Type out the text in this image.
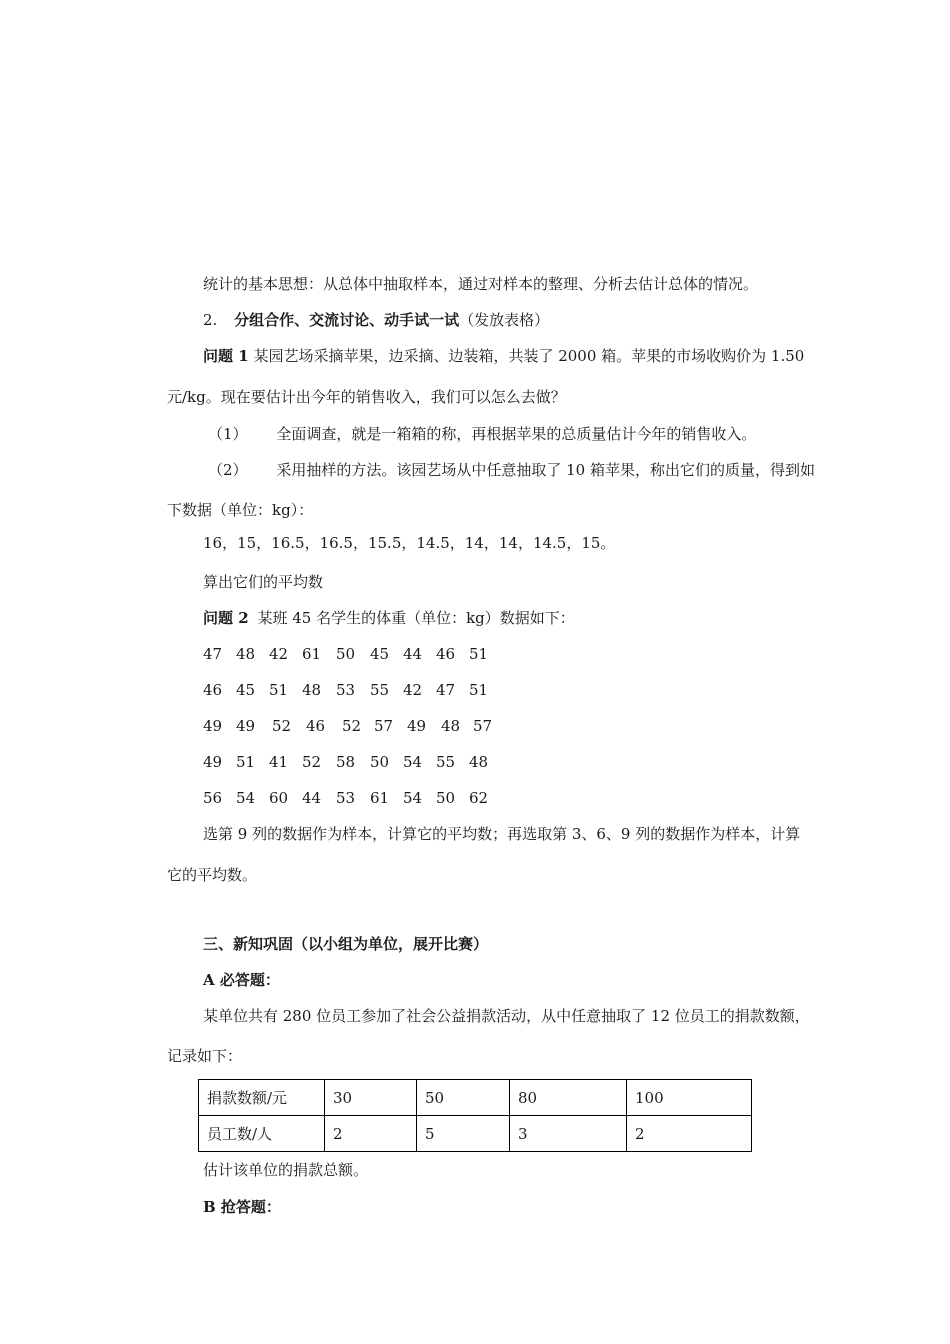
统计的基本思想：从总体中抽取样本，通过对样本的整理、分析去估计总体的情况。
2. 分组合作、交流讨论、动手试一试（发放表格）
问题 1 某园艺场采摘苹果，边采摘、边装箱，共装了 2000 箱。苹果的市场收购价为 1.50
元/kg。现在要估计出今年的销售收入，我们可以怎么去做？
（1） 全面调查，就是一箱箱的称，再根据苹果的总质量估计今年的销售收入。
（2） 采用抽样的方法。该园艺场从中任意抽取了 10 箱苹果，称出它们的质量，得到如
下数据（单位：kg）：
16，15，16.5，16.5，15.5，14.5，14，14，14.5，15。
算出它们的平均数
问题 2 某班 45 名学生的体重（单位：kg）数据如下：
47 48 42 61 50 45 44 46 51
46 45 51 48 53 55 42 47 51
49 49 52 46 52 57 49 48 57
49 51 41 52 58 50 54 55 48
56 54 60 44 53 61 54 50 62
选第 9 列的数据作为样本，计算它的平均数；再选取第 3、6、9 列的数据作为样本，计算
它的平均数。
三、新知巩固（以小组为单位，展开比赛）
A 必答题：
某单位共有 280 位员工参加了社会公益捐款活动，从中任意抽取了 12 位员工的捐款数额，
记录如下：
捐款数额/元	30	50	80	100
员工数/人	2	5	3	2
估计该单位的捐款总额。
B 抢答题：
